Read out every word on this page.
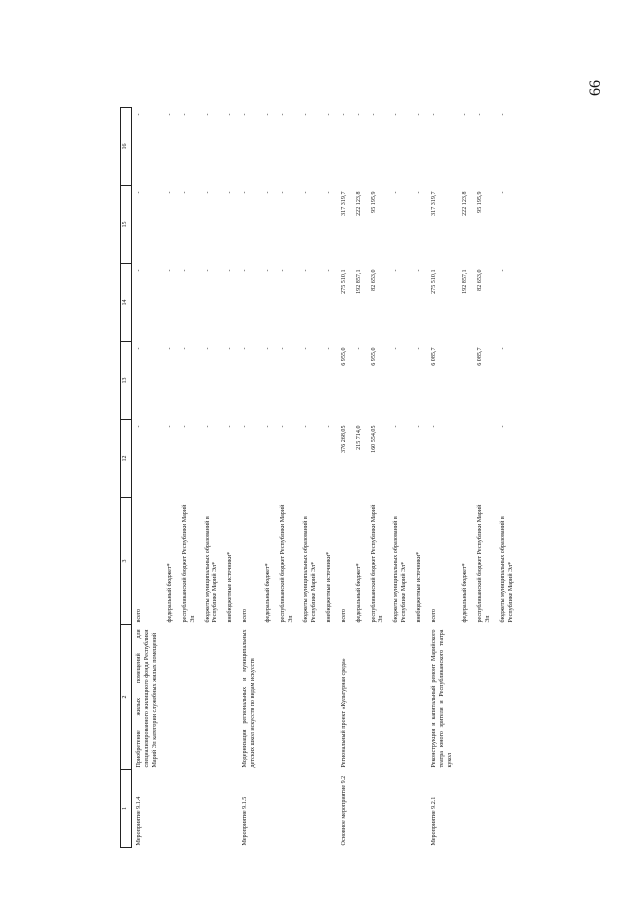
66
1	2	3	12	13	14	15	16
Мероприятие 9.1.4	Приобретение жилых помещений для специализированного жилищного фонда Республики Марий Эл категории служебных жилых помещений	всего	-	-	-	-	-
		федеральный бюджет*	-	-	-	-	-
		республиканский бюджет Республики Марий Эл	-	-	-	-	-
		бюджеты муниципальных образований в Республике Марий Эл*	-	-	-	-	-
		внебюджетные источники*	-	-	-	-	-
Мероприятие 9.1.5	Модернизация региональных и муниципальных детских школ искусств по видам искусств	всего	-	-	-	-	-
		федеральный бюджет*	-	-	-	-	-
		республиканский бюджет Республики Марий Эл	-	-	-	-	-
		бюджеты муниципальных образований в Республике Марий Эл*	-	-	-	-	-
		внебюджетные источники*	-	-	-	-	-
Основное мероприятие 9.2	Региональный проект «Культурная среда»	всего	376 268,05	6 955,0	275 510,1	317 319,7	-
		федеральный бюджет*	215 714,0	-	192 857,1	222 123,8	-
		республиканский бюджет Республики Марий Эл	160 554,05	6 955,0	82 653,0	95 195,9	-
		бюджеты муниципальных образований в Республике Марий Эл*	-	-	-	-	-
		внебюджетные источники*	-	-	-	-	-
Мероприятие 9.2.1	Реконструкция и капитальный ремонт Марийского театра юного зрителя и Республиканского театра кукол	всего	-	6 085,7	275 510,1	317 319,7	-
		федеральный бюджет*			192 857,1	222 123,8	-
		республиканский бюджет Республики Марий Эл		6 085,7	82 653,0	95 195,9	-
		бюджеты муниципальных образований в Республике Марий Эл*	-	-	-	-	-
